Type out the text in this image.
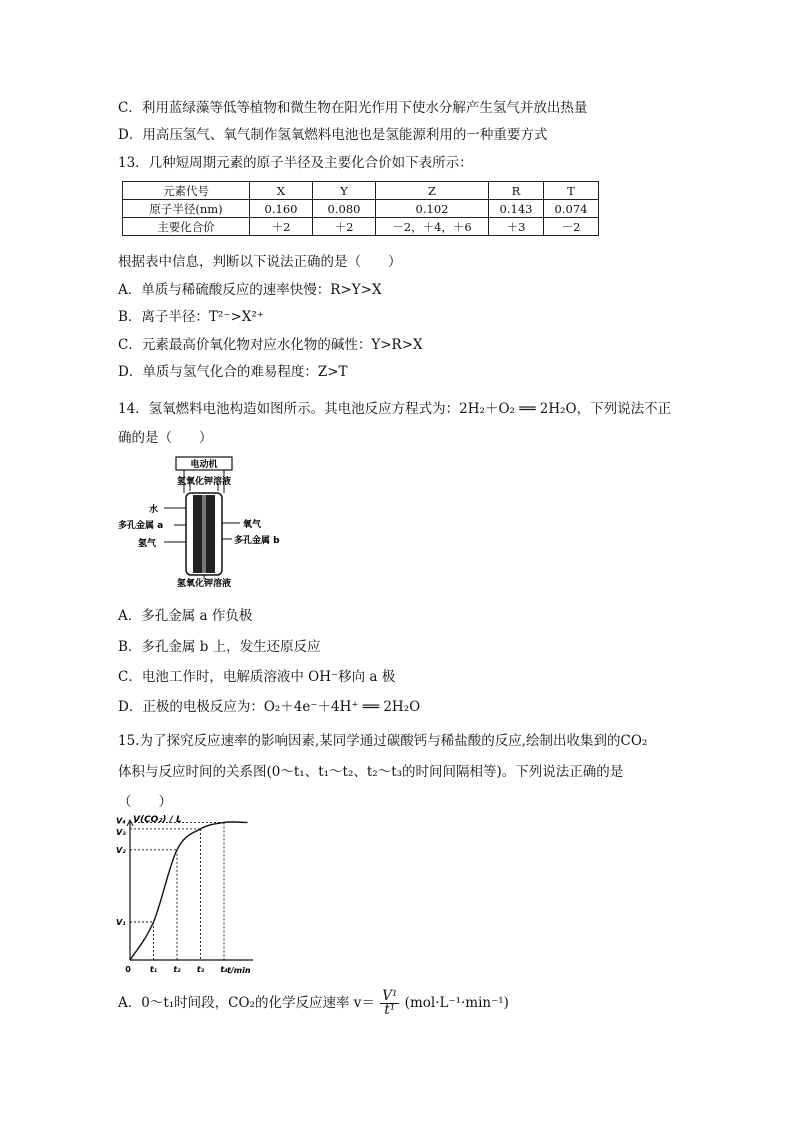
C．利用蓝绿藻等低等植物和微生物在阳光作用下使水分解产生氢气并放出热量
D．用高压氢气、氧气制作氢氧燃料电池也是氢能源利用的一种重要方式
13．几种短周期元素的原子半径及主要化合价如下表所示：
元素代号	X	Y	Z	R	T
原子半径(nm)	0.160	0.080	0.102	0.143	0.074
主要化合价	＋2	＋2	－2，＋4，＋6	＋3	－2
根据表中信息，判断以下说法正确的是（　　）
A．单质与稀硫酸反应的速率快慢：R>Y>X
B．离子半径：T²⁻>X²⁺
C．元素最高价氧化物对应水化物的碱性：Y>R>X
D．单质与氢气化合的难易程度：Z>T
14．氢氧燃料电池构造如图所示。其电池反应方程式为：2H₂＋O₂ ══ 2H₂O，下列说法不正
确的是（　　）
电动机
氢氧化钾溶液
水
多孔金属 a
氢气
氧气
多孔金属 b
氢氧化钾溶液
A．多孔金属 a 作负极
B．多孔金属 b 上，发生还原反应
C．电池工作时，电解质溶液中 OH⁻移向 a 极
D．正极的电极反应为：O₂＋4e⁻＋4H⁺ ══ 2H₂O
15.为了探究反应速率的影响因素,某同学通过碳酸钙与稀盐酸的反应,绘制出收集到的CO₂
体积与反应时间的关系图(0～t₁、t₁～t₂、t₂～t₃的时间间隔相等)。下列说法正确的是
（　　）
V(CO₂) / L
t/min
V₁
V₂
V₃
V₄
0 t₁ t₂ t₃ t₄
A．0～t₁时间段，CO₂的化学反应速率 $v= \frac{\text{V¹}}{\text{t¹}} (mol\cdot L^{-1}\cdot\min^{-1})$
